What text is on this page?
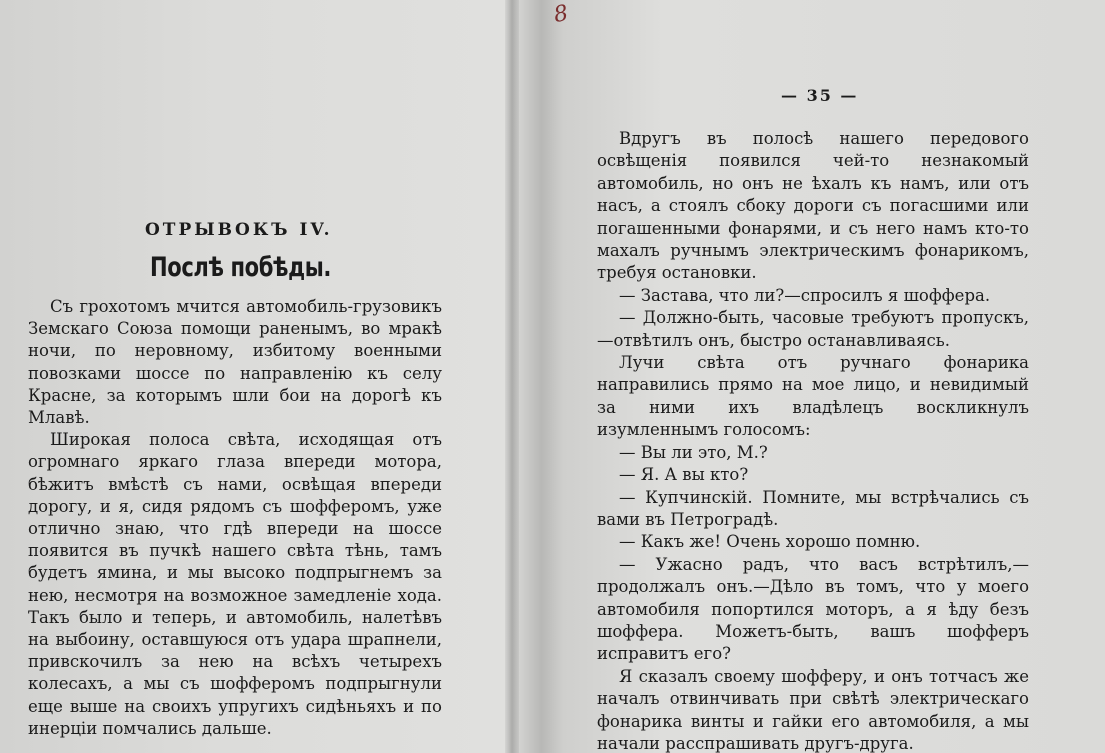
ОТРЫВОКЪ IV.
Послѣ побѣды.

Съ грохотомъ мчится автомобиль-грузовикъ Земскаго Союза помощи раненымъ, во мракѣ ночи, по неровному, избитому военными повозками шоссе по направленію къ селу Красне, за которымъ шли бои на дорогѣ къ Млавѣ.

Широкая полоса свѣта, исходящая отъ огромнаго яркаго глаза впереди мотора, бѣжитъ вмѣстѣ съ нами, освѣщая впереди дорогу, и я, сидя рядомъ съ шофферомъ, уже отлично знаю, что гдѣ впереди на шоссе появится въ пучкѣ нашего свѣта тѣнь, тамъ будетъ ямина, и мы высоко подпрыгнемъ за нею, несмотря на возможное замедленіе хода. Такъ было и теперь, и автомобиль, налетѣвъ на выбоину, оставшуюся отъ удара шрапнели, привскочилъ за нею на всѣхъ четырехъ колесахъ, а мы съ шофферомъ подпрыгнули еще выше на своихъ упругихъ сидѣньяхъ и по инерціи помчались дальше.

— 35 —

Вдругъ въ полосѣ нашего передового освѣщенія появился чей-то незнакомый автомобиль, но онъ не ѣхалъ къ намъ, или отъ насъ, а стоялъ сбоку дороги съ погасшими или погашенными фонарями, и съ него намъ кто-то махалъ ручнымъ электрическимъ фонарикомъ, требуя остановки.

— Застава, что ли?—спросилъ я шоффера.

— Должно-быть, часовые требуютъ пропускъ,—отвѣтилъ онъ, быстро останавливаясь.

Лучи свѣта отъ ручнаго фонарика направились прямо на мое лицо, и невидимый за ними ихъ владѣлецъ воскликнулъ изумленнымъ голосомъ:

— Вы ли это, М.?

— Я. А вы кто?

— Купчинскій. Помните, мы встрѣчались съ вами въ Петроградѣ.

— Какъ же! Очень хорошо помню.

— Ужасно радъ, что васъ встрѣтилъ,—продолжалъ онъ.—Дѣло въ томъ, что у моего автомобиля попортился моторъ, а я ѣду безъ шоффера. Можетъ-быть, вашъ шофферъ исправитъ его?

Я сказалъ своему шофферу, и онъ тотчасъ же началъ отвинчивать при свѣтѣ электрическаго фонарика винты и гайки его автомобиля, а мы начали расспрашивать другъ-друга.

8
